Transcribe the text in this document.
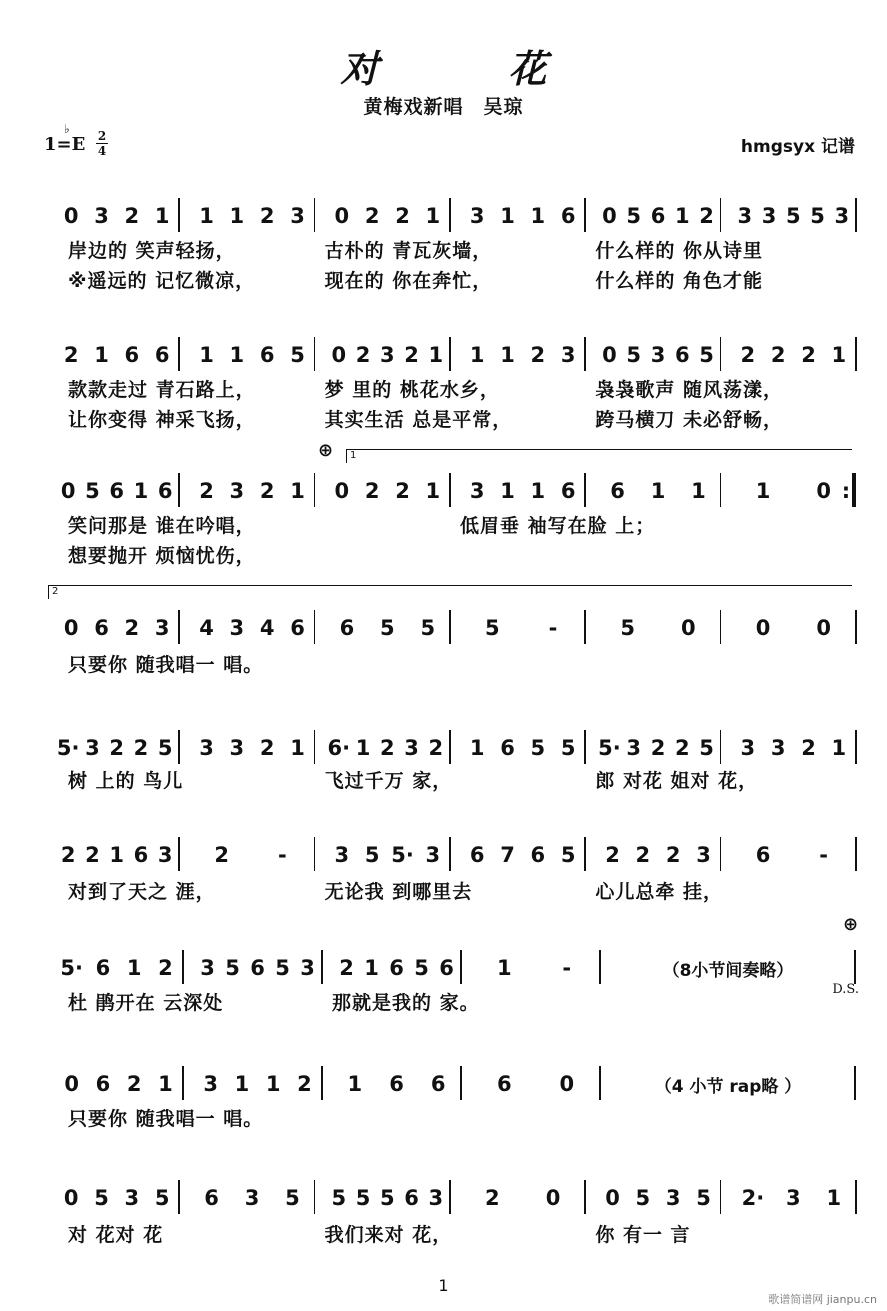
对　花
黄梅戏新唱　吴琼
1=E
♭ 2
4	hmgsyx 记谱
0 3 2 1 1 1 2 3 0 2 2 1 3 1 1 6 0 5 6 1 2 3 3 5 5 3
岸边的 笑声轻扬，	古朴的 青瓦灰墙，	什么样的 你从诗里
※遥远的 记忆微凉，	现在的 你在奔忙，	什么样的 角色才能
2 1 6 6 1 1 6 5 0 2 3 2 1 1 1 2 3 0 5 3 6 5 2 2 2 1
款款走过 青石路上，	梦 里的 桃花水乡，	袅袅歌声 随风荡漾，
让你变得 神采飞扬，	其实生活 总是平常，	跨马横刀 未必舒畅，
0 5 6 1 6 2 3 2 1 0 2 2 1 3 1 1 6 6 1 1 1 0 :
笑问那是 谁在吟唱，	低眉垂 袖写在脸 上；
想要抛开 烦恼忧伤，
0 6 2 3 4 3 4 6 6 5 5 5 -	5 0	0 0
只要你 随我唱一 唱。
5· 3 2 2 5 3 3 2 1 6· 1 2 3 2 1 6 5 5 5· 3 2 2 5 3 3 2 1
树 上的 鸟儿	飞过千万 家，	郎 对花 姐对 花，
2 2 1 6 3 2 - 3 5 5· 3 6 7 6 5 2 2 2 3 6 -
对到了天之 涯，	无论我 到哪里去	心儿总牵 挂，
5· 6 1 2 3 5 6 5 3 2 1 6 5 6 1 -	（8小节间奏略）
杜 鹃开在 云深处	那就是我的 家。
0 6 2 1 3 1 1 2 1 6 6 6 0	（4 小节 rap略 ）
只要你 随我唱一 唱。
0 5 3 5 6 3 5 5 5 5 6 3 2 0 0 5 3 5 2· 3 1
对 花对 花	我们来对 花，	你 有一 言
1
2
⊕
⊕
D.S.
1
歌谱简谱网 jianpu.cn
